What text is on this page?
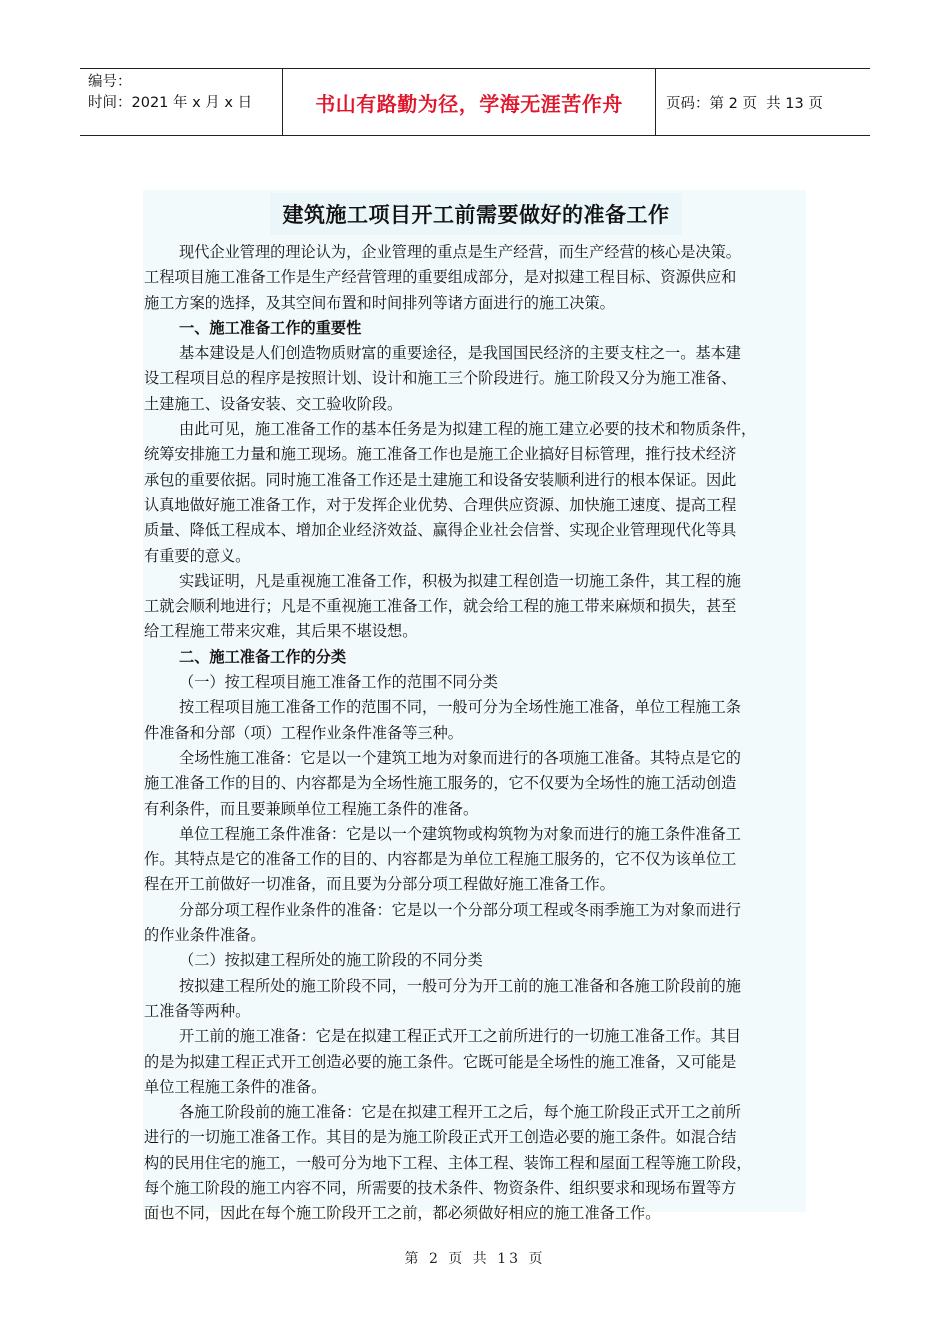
编号：
时间：2021 年 x 月 x 日	书山有路勤为径，学海无涯苦作舟	页码：第 2 页  共 13 页
建筑施工项目开工前需要做好的准备工作
现代企业管理的理论认为，企业管理的重点是生产经营，而生产经营的核心是决策。
工程项目施工准备工作是生产经营管理的重要组成部分，是对拟建工程目标、资源供应和
施工方案的选择，及其空间布置和时间排列等诸方面进行的施工决策。
一、施工准备工作的重要性
基本建设是人们创造物质财富的重要途径，是我国国民经济的主要支柱之一。基本建
设工程项目总的程序是按照计划、设计和施工三个阶段进行。施工阶段又分为施工准备、
土建施工、设备安装、交工验收阶段。
由此可见，施工准备工作的基本任务是为拟建工程的施工建立必要的技术和物质条件，
统筹安排施工力量和施工现场。施工准备工作也是施工企业搞好目标管理，推行技术经济
承包的重要依据。同时施工准备工作还是土建施工和设备安装顺利进行的根本保证。因此
认真地做好施工准备工作，对于发挥企业优势、合理供应资源、加快施工速度、提高工程
质量、降低工程成本、增加企业经济效益、赢得企业社会信誉、实现企业管理现代化等具
有重要的意义。
实践证明，凡是重视施工准备工作，积极为拟建工程创造一切施工条件，其工程的施
工就会顺利地进行；凡是不重视施工准备工作，就会给工程的施工带来麻烦和损失，甚至
给工程施工带来灾难，其后果不堪设想。
二、施工准备工作的分类
（一）按工程项目施工准备工作的范围不同分类
按工程项目施工准备工作的范围不同，一般可分为全场性施工准备，单位工程施工条
件准备和分部（项）工程作业条件准备等三种。
全场性施工准备：它是以一个建筑工地为对象而进行的各项施工准备。其特点是它的
施工准备工作的目的、内容都是为全场性施工服务的，它不仅要为全场性的施工活动创造
有利条件，而且要兼顾单位工程施工条件的准备。
单位工程施工条件准备：它是以一个建筑物或构筑物为对象而进行的施工条件准备工
作。其特点是它的准备工作的目的、内容都是为单位工程施工服务的，它不仅为该单位工
程在开工前做好一切准备，而且要为分部分项工程做好施工准备工作。
分部分项工程作业条件的准备：它是以一个分部分项工程或冬雨季施工为对象而进行
的作业条件准备。
（二）按拟建工程所处的施工阶段的不同分类
按拟建工程所处的施工阶段不同，一般可分为开工前的施工准备和各施工阶段前的施
工准备等两种。
开工前的施工准备：它是在拟建工程正式开工之前所进行的一切施工准备工作。其目
的是为拟建工程正式开工创造必要的施工条件。它既可能是全场性的施工准备，又可能是
单位工程施工条件的准备。
各施工阶段前的施工准备：它是在拟建工程开工之后，每个施工阶段正式开工之前所
进行的一切施工准备工作。其目的是为施工阶段正式开工创造必要的施工条件。如混合结
构的民用住宅的施工，一般可分为地下工程、主体工程、装饰工程和屋面工程等施工阶段，
每个施工阶段的施工内容不同，所需要的技术条件、物资条件、组织要求和现场布置等方
面也不同，因此在每个施工阶段开工之前，都必须做好相应的施工准备工作。
第 2 页 共 13 页
